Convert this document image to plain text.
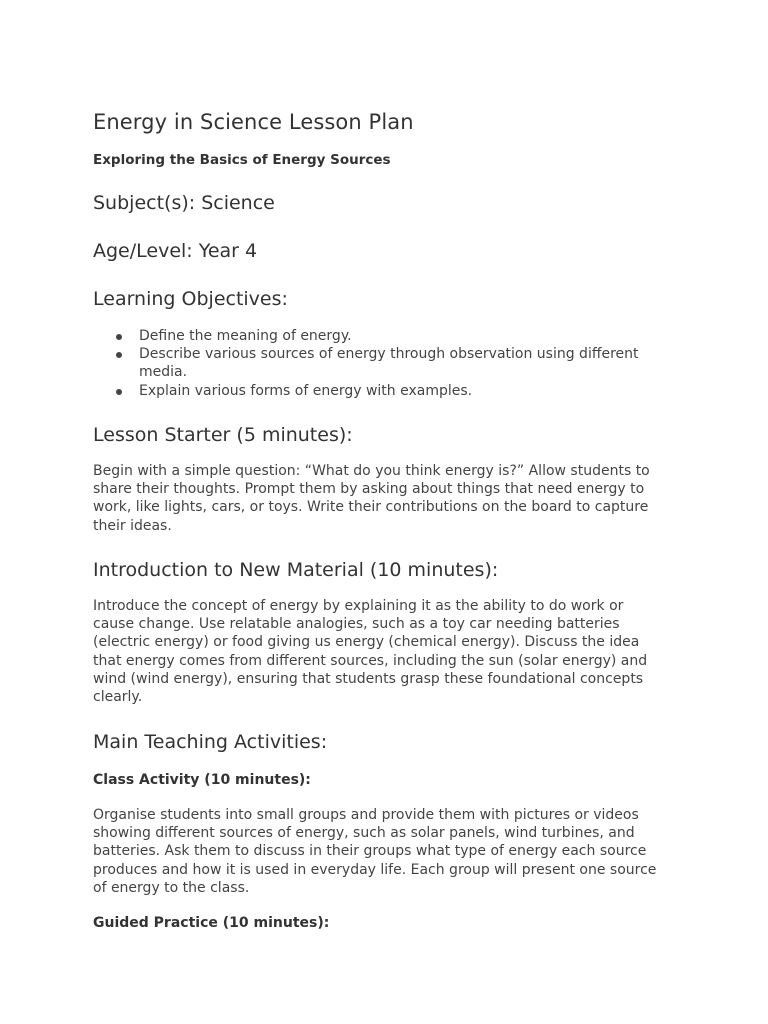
Energy in Science Lesson Plan
Exploring the Basics of Energy Sources
Subject(s): Science
Age/Level: Year 4
Learning Objectives:
Define the meaning of energy.
Describe various sources of energy through observation using different media.
Explain various forms of energy with examples.
Lesson Starter (5 minutes):

Begin with a simple question: “What do you think energy is?” Allow students to share their thoughts. Prompt them by asking about things that need energy to work, like lights, cars, or toys. Write their contributions on the board to capture their ideas.

Introduction to New Material (10 minutes):

Introduce the concept of energy by explaining it as the ability to do work or cause change. Use relatable analogies, such as a toy car needing batteries (electric energy) or food giving us energy (chemical energy). Discuss the idea that energy comes from different sources, including the sun (solar energy) and wind (wind energy), ensuring that students grasp these foundational concepts clearly.

Main Teaching Activities:
Class Activity (10 minutes):

Organise students into small groups and provide them with pictures or videos showing different sources of energy, such as solar panels, wind turbines, and batteries. Ask them to discuss in their groups what type of energy each source produces and how it is used in everyday life. Each group will present one source of energy to the class.

Guided Practice (10 minutes):
